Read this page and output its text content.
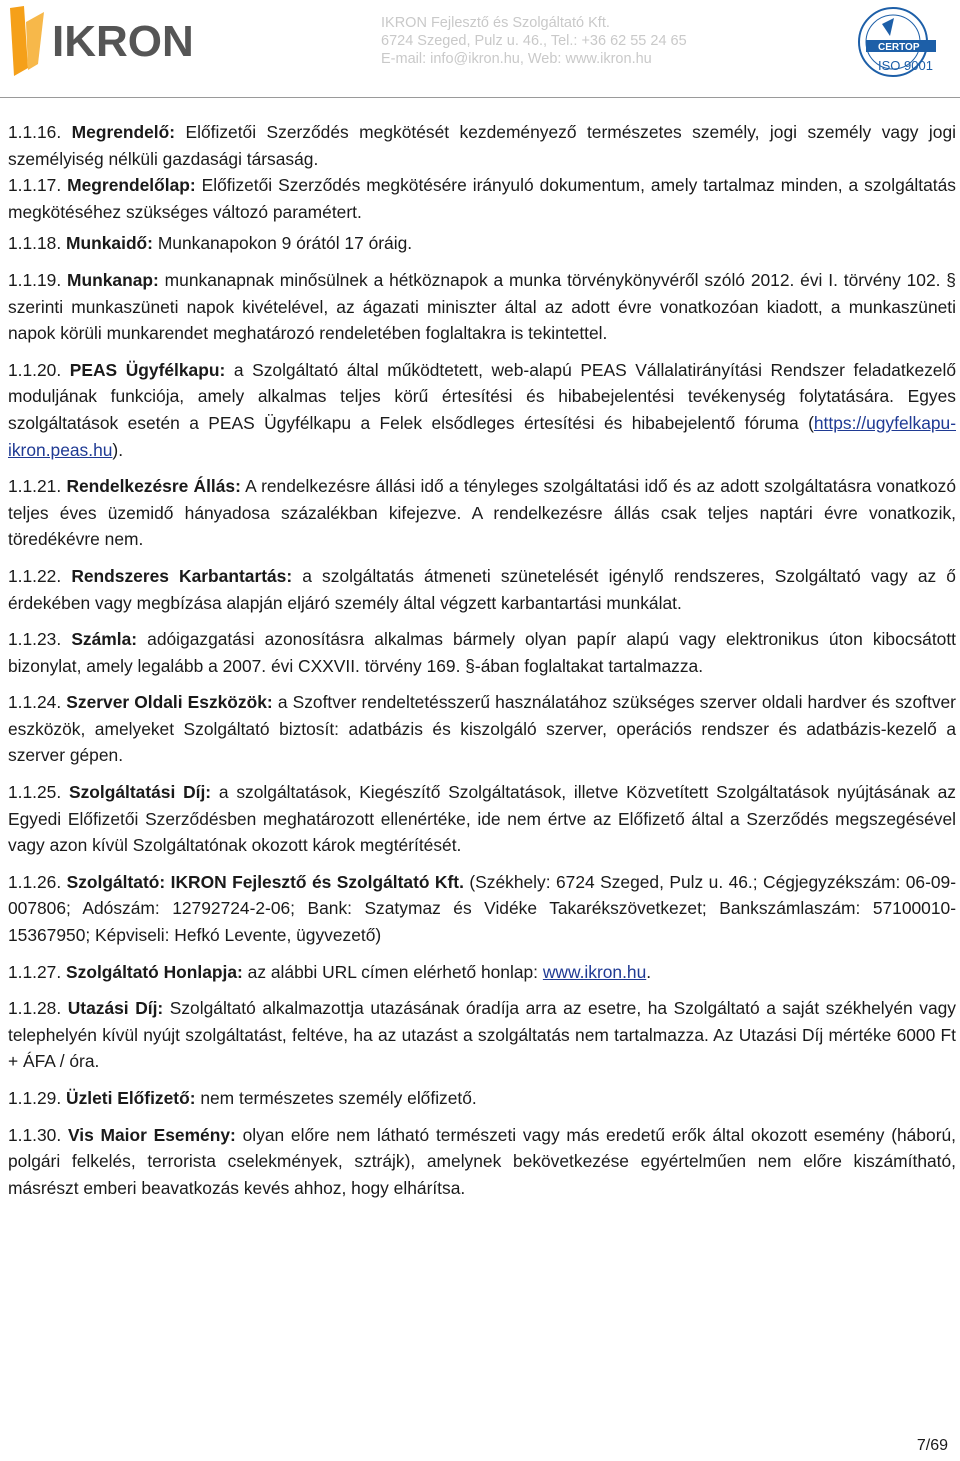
IKRON	IKRON Fejlesztő és Szolgáltató Kft.
6724 Szeged, Pulz u. 46., Tel.: +36 62 55 24 65
E-mail: info@ikron.hu, Web: www.ikron.hu
CERTOP
ISO 9001

1.1.16. Megrendelő: Előfizetői Szerződés megkötését kezdeményező természetes személy, jogi személy vagy jogi személyiség nélküli gazdasági társaság.

1.1.17. Megrendelőlap: Előfizetői Szerződés megkötésére irányuló dokumentum, amely tartalmaz minden, a szolgáltatás megkötéséhez szükséges változó paramétert.

1.1.18. Munkaidő: Munkanapokon 9 órától 17 óráig.

1.1.19. Munkanap: munkanapnak minősülnek a hétköznapok a munka törvénykönyvéről szóló 2012. évi I. törvény 102. § szerinti munkaszüneti napok kivételével, az ágazati miniszter által az adott évre vonatkozóan kiadott, a munkaszüneti napok körüli munkarendet meghatározó rendeletében foglaltakra is tekintettel.

1.1.20. PEAS Ügyfélkapu: a Szolgáltató által működtetett, web-alapú PEAS Vállalatirányítási Rendszer feladatkezelő moduljának funkciója, amely alkalmas teljes körű értesítési és hibabejelentési tevékenység folytatására. Egyes szolgáltatások esetén a PEAS Ügyfélkapu a Felek elsődleges értesítési és hibabejelentő fóruma (https://ugyfelkapu-ikron.peas.hu).

1.1.21. Rendelkezésre Állás: A rendelkezésre állási idő a tényleges szolgáltatási idő és az adott szolgáltatásra vonatkozó teljes éves üzemidő hányadosa százalékban kifejezve. A rendelkezésre állás csak teljes naptári évre vonatkozik, töredékévre nem.

1.1.22. Rendszeres Karbantartás: a szolgáltatás átmeneti szünetelését igénylő rendszeres, Szolgáltató vagy az ő érdekében vagy megbízása alapján eljáró személy által végzett karbantartási munkálat.

1.1.23. Számla: adóigazgatási azonosításra alkalmas bármely olyan papír alapú vagy elektronikus úton kibocsátott bizonylat, amely legalább a 2007. évi CXXVII. törvény 169. §-ában foglaltakat tartalmazza.

1.1.24. Szerver Oldali Eszközök: a Szoftver rendeltetésszerű használatához szükséges szerver oldali hardver és szoftver eszközök, amelyeket Szolgáltató biztosít: adatbázis és kiszolgáló szerver, operációs rendszer és adatbázis-kezelő a szerver gépen.

1.1.25. Szolgáltatási Díj: a szolgáltatások, Kiegészítő Szolgáltatások, illetve Közvetített Szolgáltatások nyújtásának az Egyedi Előfizetői Szerződésben meghatározott ellenértéke, ide nem értve az Előfizető által a Szerződés megszegésével vagy azon kívül Szolgáltatónak okozott károk megtérítését.

1.1.26. Szolgáltató: IKRON Fejlesztő és Szolgáltató Kft. (Székhely: 6724 Szeged, Pulz u. 46.; Cégjegyzékszám: 06-09-007806; Adószám: 12792724-2-06; Bank: Szatymaz és Vidéke Takarékszövetkezet; Bankszámlaszám: 57100010-15367950; Képviseli: Hefkó Levente, ügyvezető)

1.1.27. Szolgáltató Honlapja: az alábbi URL címen elérhető honlap: www.ikron.hu.

1.1.28. Utazási Díj: Szolgáltató alkalmazottja utazásának óradíja arra az esetre, ha Szolgáltató a saját székhelyén vagy telephelyén kívül nyújt szolgáltatást, feltéve, ha az utazást a szolgáltatás nem tartalmazza. Az Utazási Díj mértéke 6000 Ft + ÁFA / óra.

1.1.29. Üzleti Előfizető: nem természetes személy előfizető.

1.1.30. Vis Maior Esemény: olyan előre nem látható természeti vagy más eredetű erők által okozott esemény (háború, polgári felkelés, terrorista cselekmények, sztrájk), amelynek bekövetkezése egyértelműen nem előre kiszámítható, másrészt emberi beavatkozás kevés ahhoz, hogy elhárítsa.

7/69
